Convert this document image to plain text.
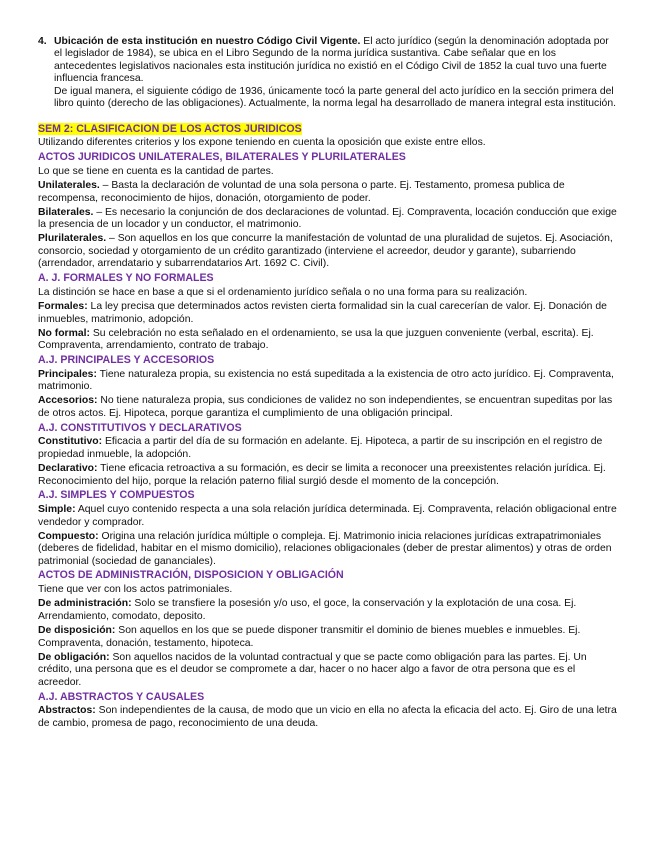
4. Ubicación de esta institución en nuestro Código Civil Vigente. El acto jurídico (según la denominación adoptada por el legislador de 1984), se ubica en el Libro Segundo de la norma jurídica sustantiva. Cabe señalar que en los antecedentes legislativos nacionales esta institución jurídica no existió en el Código Civil de 1852 la cual tuvo una fuerte influencia francesa.

De igual manera, el siguiente código de 1936, únicamente tocó la parte general del acto jurídico en la sección primera del libro quinto (derecho de las obligaciones). Actualmente, la norma legal ha desarrollado de manera integral esta institución.

SEM 2: CLASIFICACION DE LOS ACTOS JURIDICOS

Utilizando diferentes criterios y los expone teniendo en cuenta la oposición que existe entre ellos.

ACTOS JURIDICOS UNILATERALES, BILATERALES Y PLURILATERALES

Lo que se tiene en cuenta es la cantidad de partes.

Unilaterales. – Basta la declaración de voluntad de una sola persona o parte. Ej. Testamento, promesa publica de recompensa, reconocimiento de hijos, donación, otorgamiento de poder.

Bilaterales. – Es necesario la conjunción de dos declaraciones de voluntad. Ej. Compraventa, locación conducción que exige la presencia de un locador y un conductor, el matrimonio.

Plurilaterales. – Son aquellos en los que concurre la manifestación de voluntad de una pluralidad de sujetos. Ej. Asociación, consorcio, sociedad y otorgamiento de un crédito garantizado (interviene el acreedor, deudor y garante), subarriendo (arrendador, arrendatario y subarrendatarios Art. 1692 C. Civil).

A. J. FORMALES Y NO FORMALES

La distinción se hace en base a que si el ordenamiento jurídico señala o no una forma para su realización.

Formales: La ley precisa que determinados actos revisten cierta formalidad sin la cual carecerían de valor. Ej. Donación de inmuebles, matrimonio, adopción.

No formal: Su celebración no esta señalado en el ordenamiento, se usa la que juzguen conveniente (verbal, escrita). Ej. Compraventa, arrendamiento, contrato de trabajo.

A.J. PRINCIPALES Y ACCESORIOS

Principales: Tiene naturaleza propia, su existencia no está supeditada a la existencia de otro acto jurídico. Ej. Compraventa, matrimonio.

Accesorios: No tiene naturaleza propia, sus condiciones de validez no son independientes, se encuentran supeditas por las de otros actos. Ej. Hipoteca, porque garantiza el cumplimiento de una obligación principal.

A.J. CONSTITUTIVOS Y DECLARATIVOS

Constitutivo: Eficacia a partir del día de su formación en adelante. Ej. Hipoteca, a partir de su inscripción en el registro de propiedad inmueble, la adopción.

Declarativo: Tiene eficacia retroactiva a su formación, es decir se limita a reconocer una preexistentes relación jurídica. Ej. Reconocimiento del hijo, porque la relación paterno filial surgió desde el momento de la concepción.

A.J. SIMPLES Y COMPUESTOS

Simple: Aquel cuyo contenido respecta a una sola relación jurídica determinada. Ej. Compraventa, relación obligacional entre vendedor y comprador.

Compuesto: Origina una relación jurídica múltiple o compleja. Ej. Matrimonio inicia relaciones jurídicas extrapatrimoniales (deberes de fidelidad, habitar en el mismo domicilio), relaciones obligacionales (deber de prestar alimentos) y otras de orden patrimonial (sociedad de gananciales).

ACTOS DE ADMINISTRACIÓN, DISPOSICION Y OBLIGACIÓN

Tiene que ver con los actos patrimoniales.

De administración: Solo se transfiere la posesión y/o uso, el goce, la conservación y la explotación de una cosa. Ej. Arrendamiento, comodato, deposito.

De disposición: Son aquellos en los que se puede disponer transmitir el dominio de bienes muebles e inmuebles. Ej. Compraventa, donación, testamento, hipoteca.

De obligación: Son aquellos nacidos de la voluntad contractual y que se pacte como obligación para las partes. Ej. Un crédito, una persona que es el deudor se compromete a dar, hacer o no hacer algo a favor de otra persona que es el acreedor.

A.J. ABSTRACTOS Y CAUSALES

Abstractos: Son independientes de la causa, de modo que un vicio en ella no afecta la eficacia del acto. Ej. Giro de una letra de cambio, promesa de pago, reconocimiento de una deuda.
